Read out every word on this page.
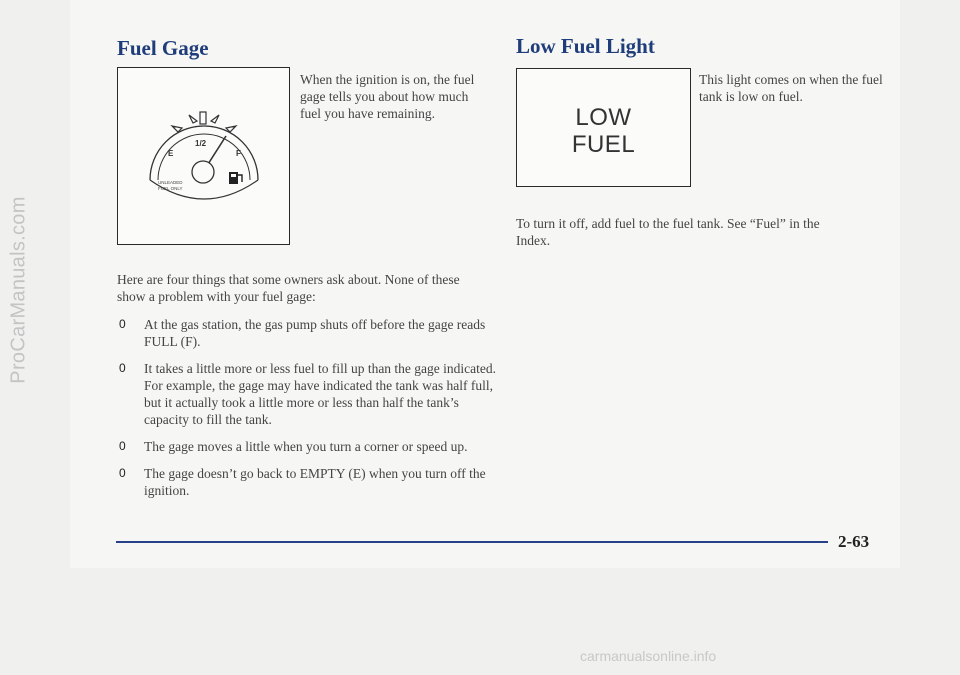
ProCarManuals.com
Fuel Gage	Low Fuel Light
E
1/2
F
UNLEADED
FUEL ONLY

When the ignition is on, the fuel gage tells you about how much fuel you have remaining.	LOW
FUEL

This light comes on when the fuel tank is low on fuel.

To turn it off, add fuel to the fuel tank. See “Fuel” in the Index.

Here are four things that some owners ask about. None of these show a problem with your fuel gage:

0 At the gas station, the gas pump shuts off before the gage reads FULL (F).
0 It takes a little more or less fuel to fill up than the gage indicated. For example, the gage may have indicated the tank was half full, but it actually took a little more or less than half the tank’s capacity to fill the tank.
0 The gage moves a little when you turn a corner or speed up.
0 The gage doesn’t go back to EMPTY (E) when you turn off the ignition.

2-63

carmanualsonline.info
